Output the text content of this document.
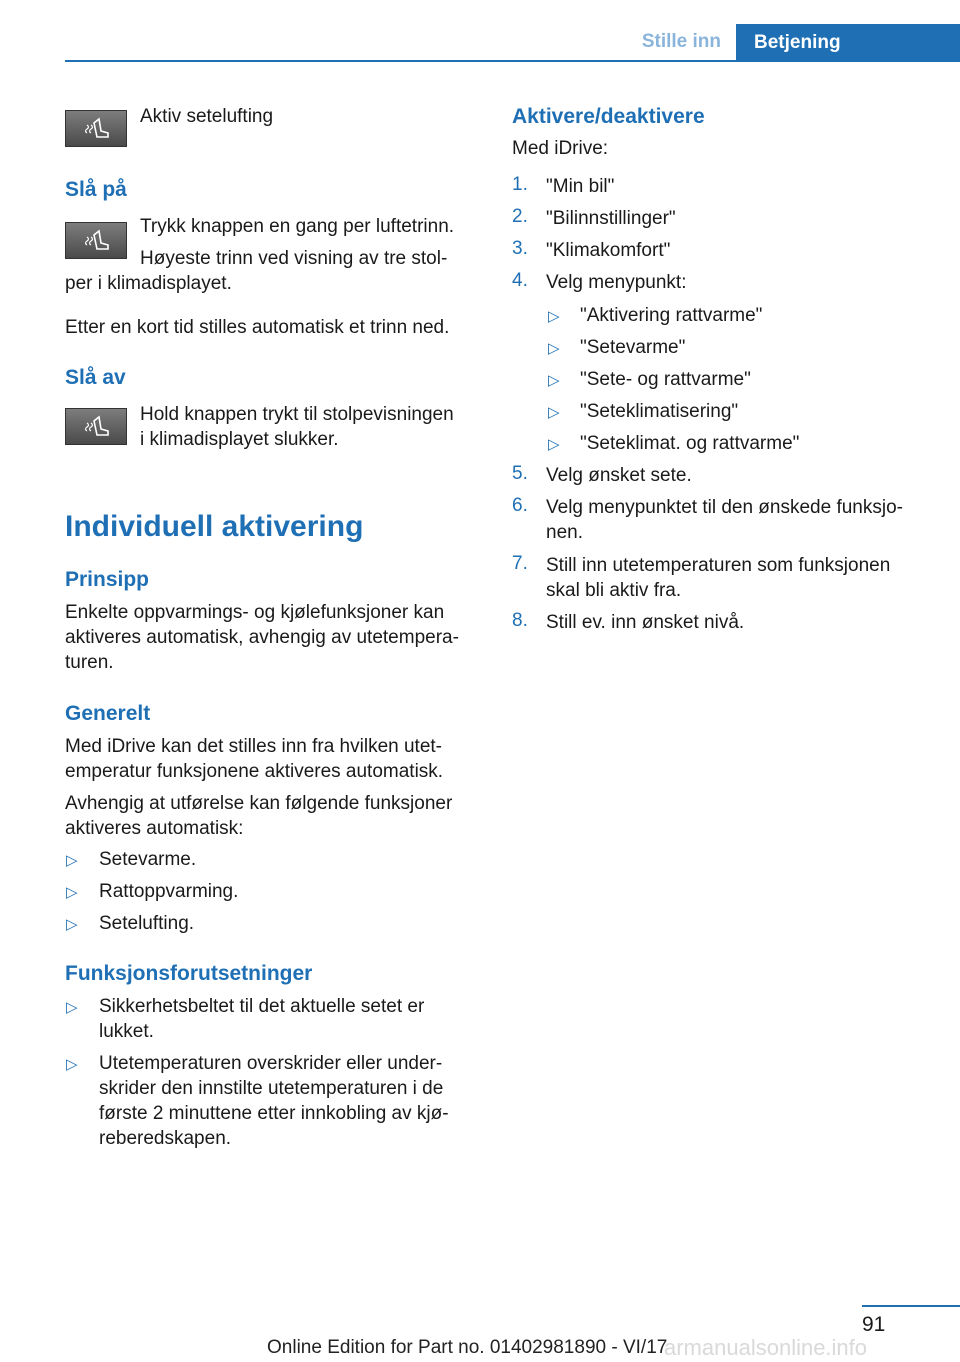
Stille inn	Betjening

Aktiv setelufting

Slå på

Trykk knappen en gang per luftetrinn.

Høyeste trinn ved visning av tre stol-

per i klimadisplayet.

Etter en kort tid stilles automatisk et trinn ned.

Slå av

Hold knappen trykt til stolpevisningen

i klimadisplayet slukker.

Individuell aktivering

Prinsipp

Enkelte oppvarmings- og kjølefunksjoner kan

aktiveres automatisk, avhengig av utetempera-

turen.

Generelt

Med iDrive kan det stilles inn fra hvilken utet-

emperatur funksjonene aktiveres automatisk.

Avhengig at utførelse kan følgende funksjoner

aktiveres automatisk:

▷ Setevarme.

▷ Rattoppvarming.

▷ Setelufting.

Funksjonsforutsetninger

▷ Sikkerhetsbeltet til det aktuelle setet er

lukket.

▷ Utetemperaturen overskrider eller under-

skrider den innstilte utetemperaturen i de

første 2 minuttene etter innkobling av kjø-

reberedskapen.

Aktivere/deaktivere

Med iDrive:

1. "Min bil"

2. "Bilinnstillinger"

3. "Klimakomfort"

4. Velg menypunkt:

▷ "Aktivering rattvarme"

▷ "Setevarme"

▷ "Sete- og rattvarme"

▷ "Seteklimatisering"

▷ "Seteklimat. og rattvarme"

5. Velg ønsket sete.

6. Velg menypunktet til den ønskede funksjo-

nen.

7. Still inn utetemperaturen som funksjonen

skal bli aktiv fra.

8. Still ev. inn ønsket nivå.

91
Online Edition for Part no. 01402981890 - VI/17
armanualsonline.info
